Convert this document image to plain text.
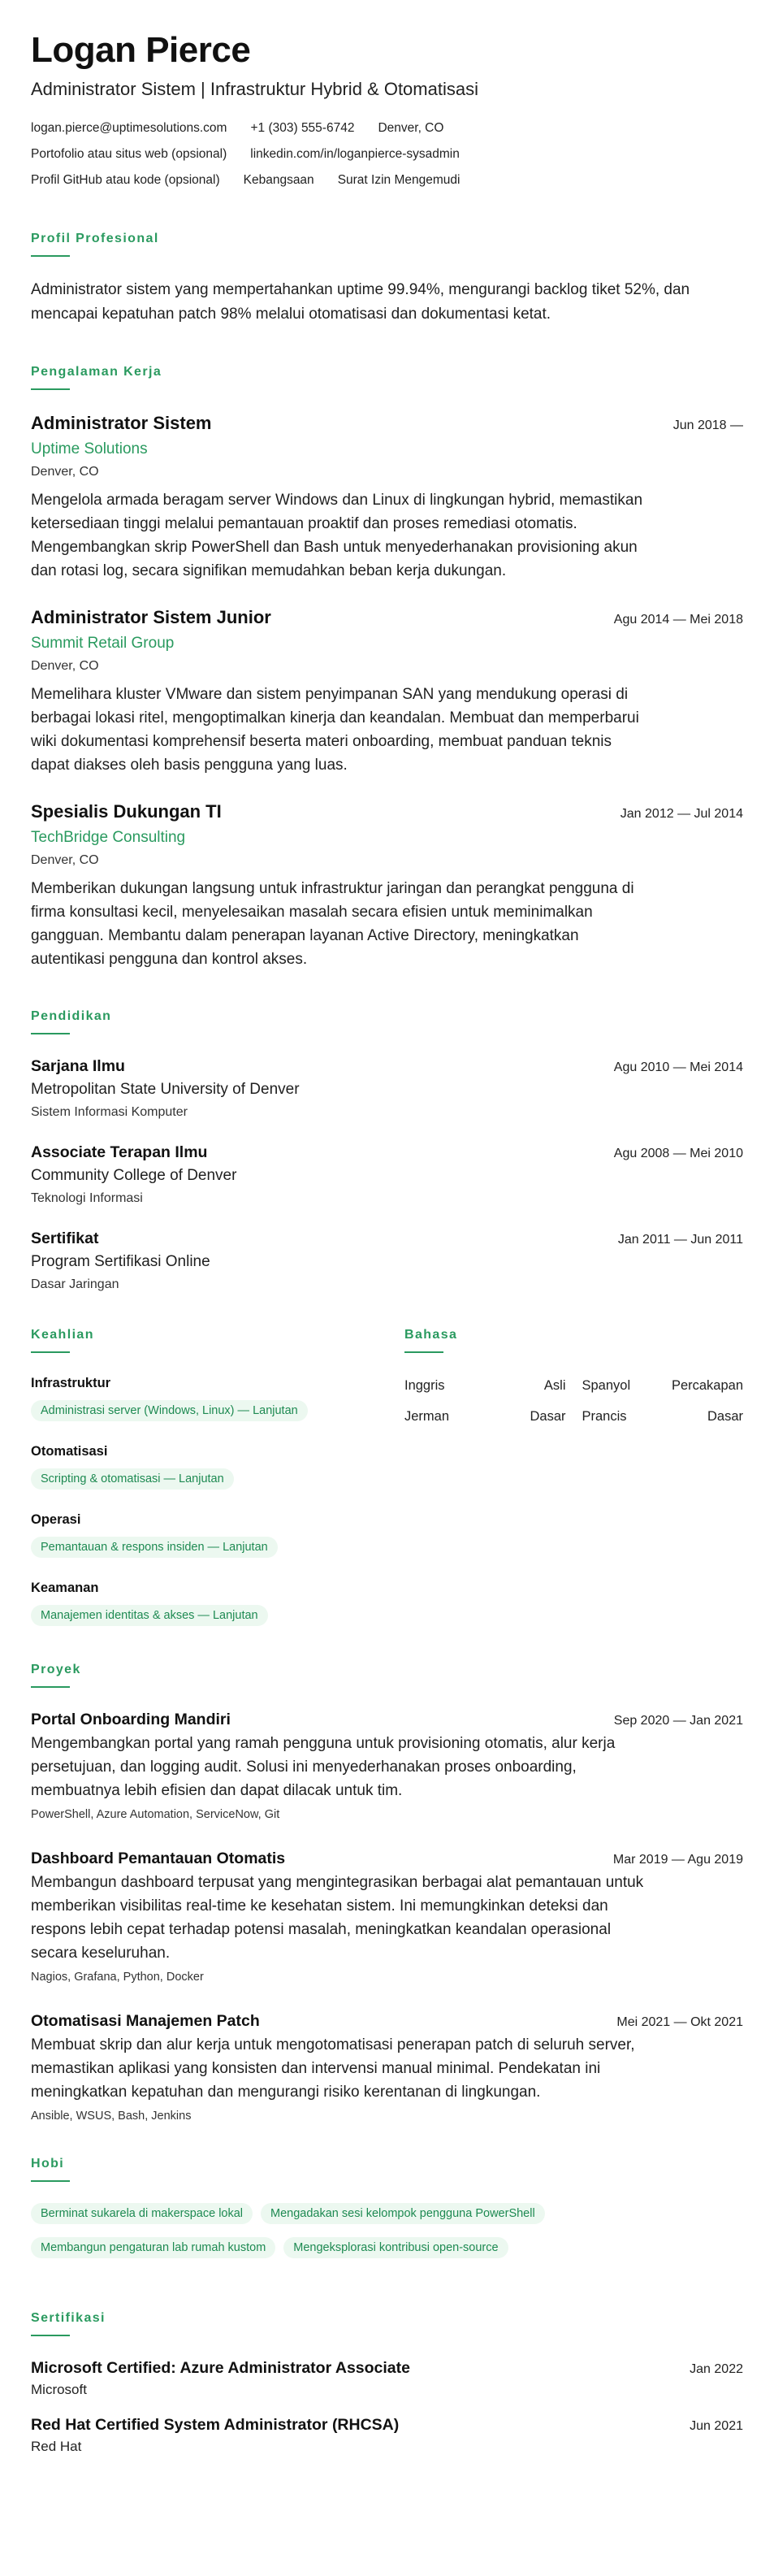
Logan Pierce
Administrator Sistem | Infrastruktur Hybrid & Otomatisasi
logan.pierce@uptimesolutions.com +1 (303) 555-6742 Denver, CO
Portofolio atau situs web (opsional) linkedin.com/in/loganpierce-sysadmin
Profil GitHub atau kode (opsional) Kebangsaan Surat Izin Mengemudi
Profil Profesional
Administrator sistem yang mempertahankan uptime 99.94%, mengurangi backlog tiket 52%, dan mencapai kepatuhan patch 98% melalui otomatisasi dan dokumentasi ketat.
Pengalaman Kerja
Administrator Sistem	Jun 2018 —
Uptime Solutions
Denver, CO
Mengelola armada beragam server Windows dan Linux di lingkungan hybrid, memastikan ketersediaan tinggi melalui pemantauan proaktif dan proses remediasi otomatis. Mengembangkan skrip PowerShell dan Bash untuk menyederhanakan provisioning akun dan rotasi log, secara signifikan memudahkan beban kerja dukungan.
Administrator Sistem Junior	Agu 2014 — Mei 2018
Summit Retail Group
Denver, CO
Memelihara kluster VMware dan sistem penyimpanan SAN yang mendukung operasi di berbagai lokasi ritel, mengoptimalkan kinerja dan keandalan. Membuat dan memperbarui wiki dokumentasi komprehensif beserta materi onboarding, membuat panduan teknis dapat diakses oleh basis pengguna yang luas.
Spesialis Dukungan TI	Jan 2012 — Jul 2014
TechBridge Consulting
Denver, CO
Memberikan dukungan langsung untuk infrastruktur jaringan dan perangkat pengguna di firma konsultasi kecil, menyelesaikan masalah secara efisien untuk meminimalkan gangguan. Membantu dalam penerapan layanan Active Directory, meningkatkan autentikasi pengguna dan kontrol akses.
Pendidikan
Sarjana Ilmu	Agu 2010 — Mei 2014
Metropolitan State University of Denver
Sistem Informasi Komputer
Associate Terapan Ilmu	Agu 2008 — Mei 2010
Community College of Denver
Teknologi Informasi
Sertifikat	Jan 2011 — Jun 2011
Program Sertifikasi Online
Dasar Jaringan
Keahlian
Infrastruktur
Administrasi server (Windows, Linux) — Lanjutan
Otomatisasi
Scripting & otomatisasi — Lanjutan
Operasi
Pemantauan & respons insiden — Lanjutan
Keamanan
Manajemen identitas & akses — Lanjutan
Bahasa
Inggris	Asli Spanyol	Percakapan
Jerman	Dasar Prancis	Dasar
Proyek
Portal Onboarding Mandiri	Sep 2020 — Jan 2021
Mengembangkan portal yang ramah pengguna untuk provisioning otomatis, alur kerja persetujuan, dan logging audit. Solusi ini menyederhanakan proses onboarding, membuatnya lebih efisien dan dapat dilacak untuk tim.
PowerShell, Azure Automation, ServiceNow, Git
Dashboard Pemantauan Otomatis	Mar 2019 — Agu 2019
Membangun dashboard terpusat yang mengintegrasikan berbagai alat pemantauan untuk memberikan visibilitas real-time ke kesehatan sistem. Ini memungkinkan deteksi dan respons lebih cepat terhadap potensi masalah, meningkatkan keandalan operasional secara keseluruhan.
Nagios, Grafana, Python, Docker
Otomatisasi Manajemen Patch	Mei 2021 — Okt 2021
Membuat skrip dan alur kerja untuk mengotomatisasi penerapan patch di seluruh server, memastikan aplikasi yang konsisten dan intervensi manual minimal. Pendekatan ini meningkatkan kepatuhan dan mengurangi risiko kerentanan di lingkungan.
Ansible, WSUS, Bash, Jenkins
Hobi
Berminat sukarela di makerspace lokal	Mengadakan sesi kelompok pengguna PowerShell
Membangun pengaturan lab rumah kustom	Mengeksplorasi kontribusi open-source
Sertifikasi
Microsoft Certified: Azure Administrator Associate	Jan 2022
Microsoft
Red Hat Certified System Administrator (RHCSA)	Jun 2021
Red Hat
